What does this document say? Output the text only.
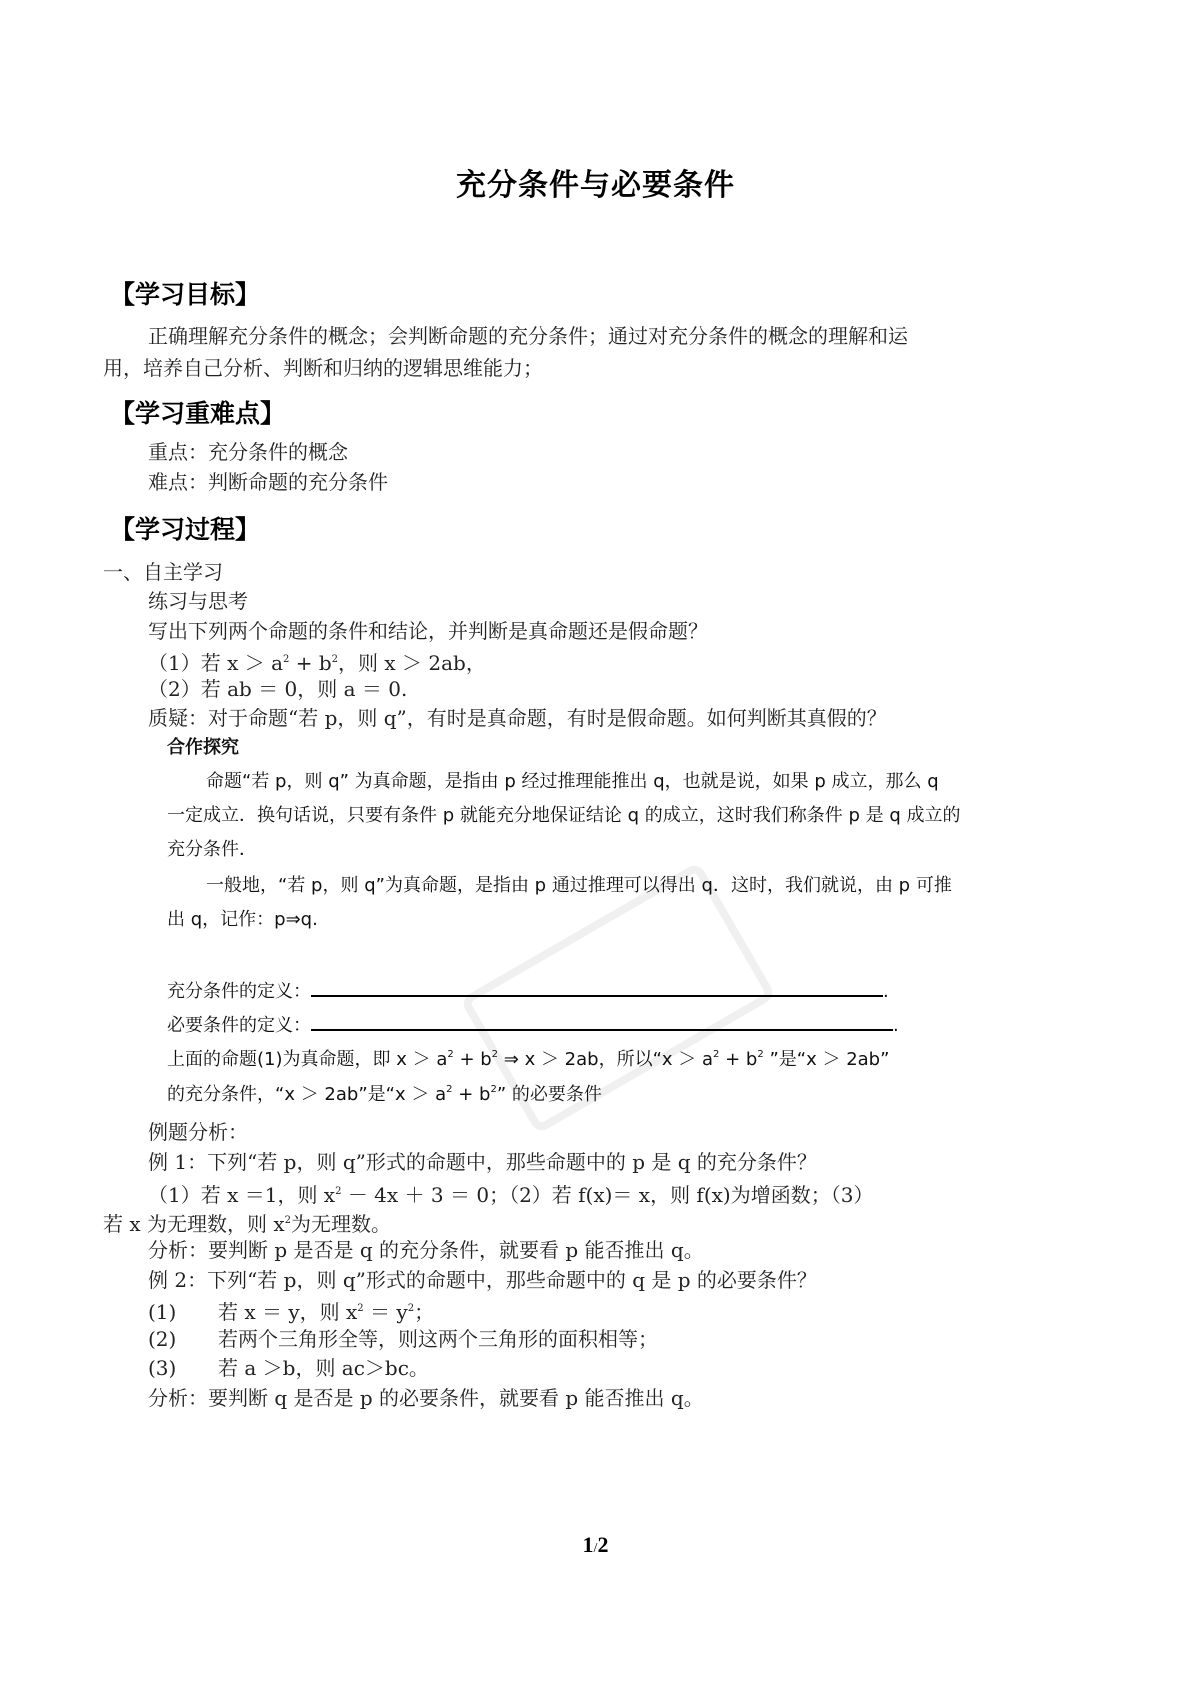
充分条件与必要条件
【学习目标】
正确理解充分条件的概念；会判断命题的充分条件；通过对充分条件的概念的理解和运
用，培养自己分析、判断和归纳的逻辑思维能力；
【学习重难点】
重点：充分条件的概念
难点：判断命题的充分条件
【学习过程】
一、自主学习
练习与思考
写出下列两个命题的条件和结论，并判断是真命题还是假命题？
（1）若 $x > a^2 + b^2$，则 x ＞ 2ab，
（2）若 ab ＝ 0，则 a ＝ 0.
质疑：对于命题“若 p，则 q”，有时是真命题，有时是假命题。如何判断其真假的？
合作探究
命题“若 p，则 q” 为真命题，是指由 p 经过推理能推出 q，也就是说，如果 p 成立，那么 q
一定成立．换句话说，只要有条件 p 就能充分地保证结论 q 的成立，这时我们称条件 p 是 q 成立的
充分条件．
一般地，“若 p，则 q”为真命题，是指由 p 通过推理可以得出 q．这时，我们就说，由 p 可推
出 q，记作：p⇒q.
充分条件的定义：	.
必要条件的定义：	.
上面的命题(1)为真命题，即 $x > a^2 + b^2$ ⇒ x ＞ 2ab，所以“$x > a^2 + b^2$ ”是“x ＞ 2ab”
的充分条件，“x ＞ 2ab”是“$x > a^2 + b^2$” 的必要条件
例题分析：
例 1：下列“若 p，则 q”形式的命题中，那些命题中的 p 是 q 的充分条件？
（1）若 x ＝1，则 $x^2 - 4x + 3 = 0$；（2）若 f(x)＝ x，则 f(x)为增函数；（3）
若 x 为无理数，则 $x^2$为无理数。
分析：要判断 p 是否是 q 的充分条件，就要看 p 能否推出 q。
例 2：下列“若 p，则 q”形式的命题中，那些命题中的 q 是 p 的必要条件？
(1) 若 x ＝ y，则 $x^2 = y^2$；
(2) 若两个三角形全等，则这两个三角形的面积相等；
(3) 若 a ＞b，则 ac＞bc。
分析：要判断 q 是否是 p 的必要条件，就要看 p 能否推出 q。
1/2
